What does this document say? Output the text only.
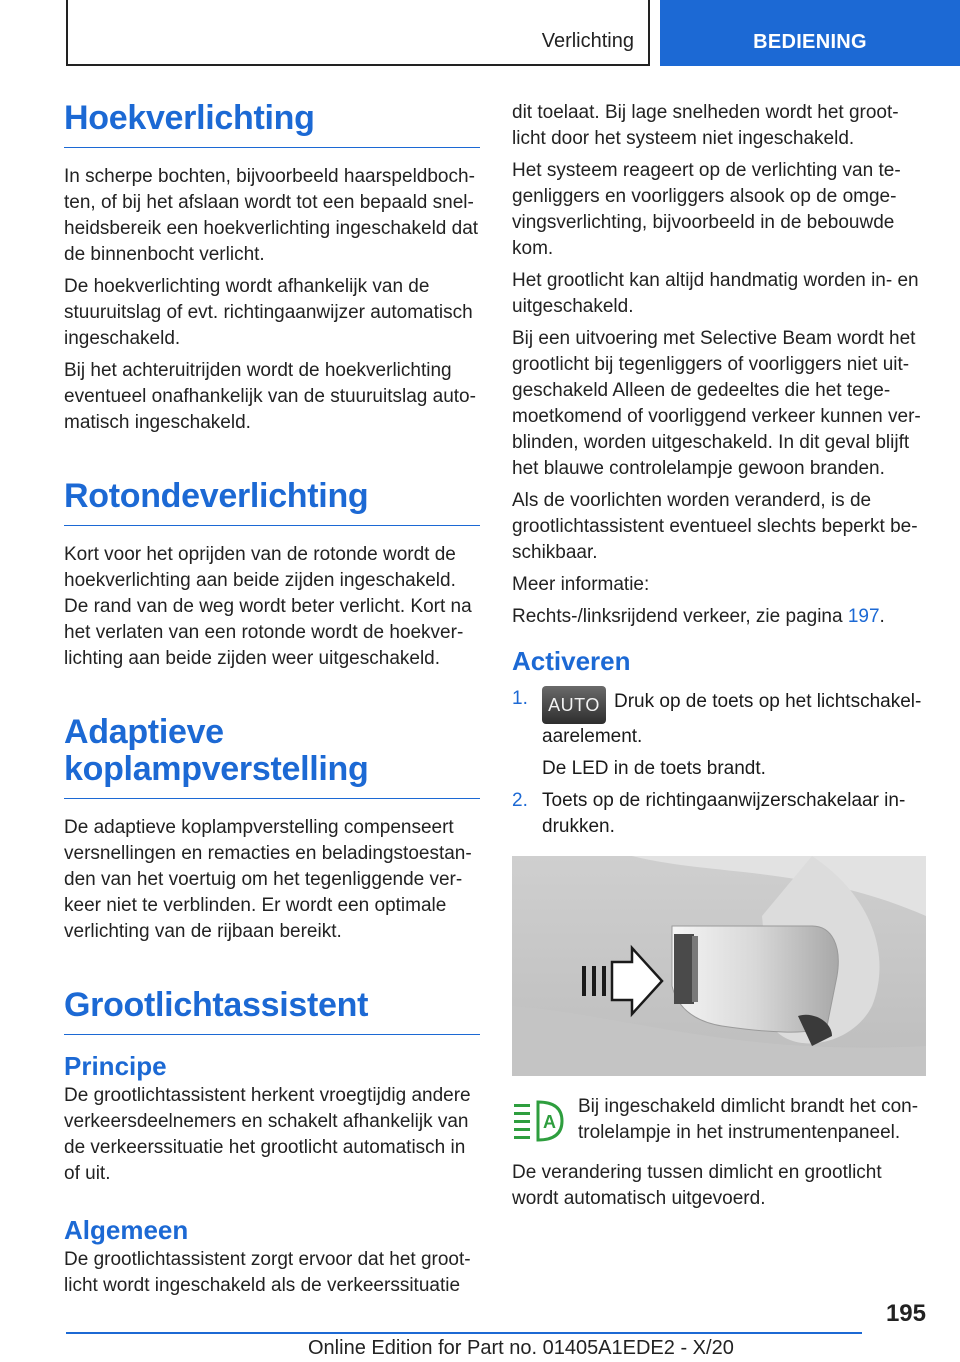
Verlichting	BEDIENING
Hoekverlichting

In scherpe bochten, bijvoorbeeld haarspeldbochten, of bij het afslaan wordt tot een bepaald snelheidsbereik een hoekverlichting ingeschakeld dat de binnenbocht verlicht.

De hoekverlichting wordt afhankelijk van de stuuruitslag of evt. richtingaanwijzer automatisch ingeschakeld.

Bij het achteruitrijden wordt de hoekverlichting eventueel onafhankelijk van de stuuruitslag automatisch ingeschakeld.

Rotondeverlichting

Kort voor het oprijden van de rotonde wordt de hoekverlichting aan beide zijden ingeschakeld. De rand van de weg wordt beter verlicht. Kort na het verlaten van een rotonde wordt de hoekverlichting aan beide zijden weer uitgeschakeld.

Adaptieve koplampverstelling

De adaptieve koplampverstelling compenseert versnellingen en remacties en beladingstoestanden van het voertuig om het tegenliggende verkeer niet te verblinden. Er wordt een optimale verlichting van de rijbaan bereikt.

Grootlichtassistent
Principe

De grootlichtassistent herkent vroegtijdig andere verkeersdeelnemers en schakelt afhankelijk van de verkeerssituatie het grootlicht automatisch in of uit.

Algemeen

De grootlichtassistent zorgt ervoor dat het grootlicht wordt ingeschakeld als de verkeerssituatie

dit toelaat. Bij lage snelheden wordt het grootlicht door het systeem niet ingeschakeld.

Het systeem reageert op de verlichting van tegenliggers en voorliggers alsook op de omgevingsverlichting, bijvoorbeeld in de bebouwde kom.

Het grootlicht kan altijd handmatig worden in- en uitgeschakeld.

Bij een uitvoering met Selective Beam wordt het grootlicht bij tegenliggers of voorliggers niet uitgeschakeld Alleen de gedeeltes die het tegemoetkomend of voorliggend verkeer kunnen verblinden, worden uitgeschakeld. In dit geval blijft het blauwe controlelampje gewoon branden.

Als de voorlichten worden veranderd, is de grootlichtassistent eventueel slechts beperkt beschikbaar.

Meer informatie:

Rechts-/linksrijdend verkeer, zie pagina 197.

Activeren
1. AUTO Druk op de toets op het lichtschakelaarelement.
De LED in de toets brandt.
2. Toets op de richtingaanwijzerschakelaar indrukken.
A
Bij ingeschakeld dimlicht brandt het controlelampje in het instrumentenpaneel.

De verandering tussen dimlicht en grootlicht wordt automatisch uitgevoerd.

195
Online Edition for Part no. 01405A1EDE2 - X/20
